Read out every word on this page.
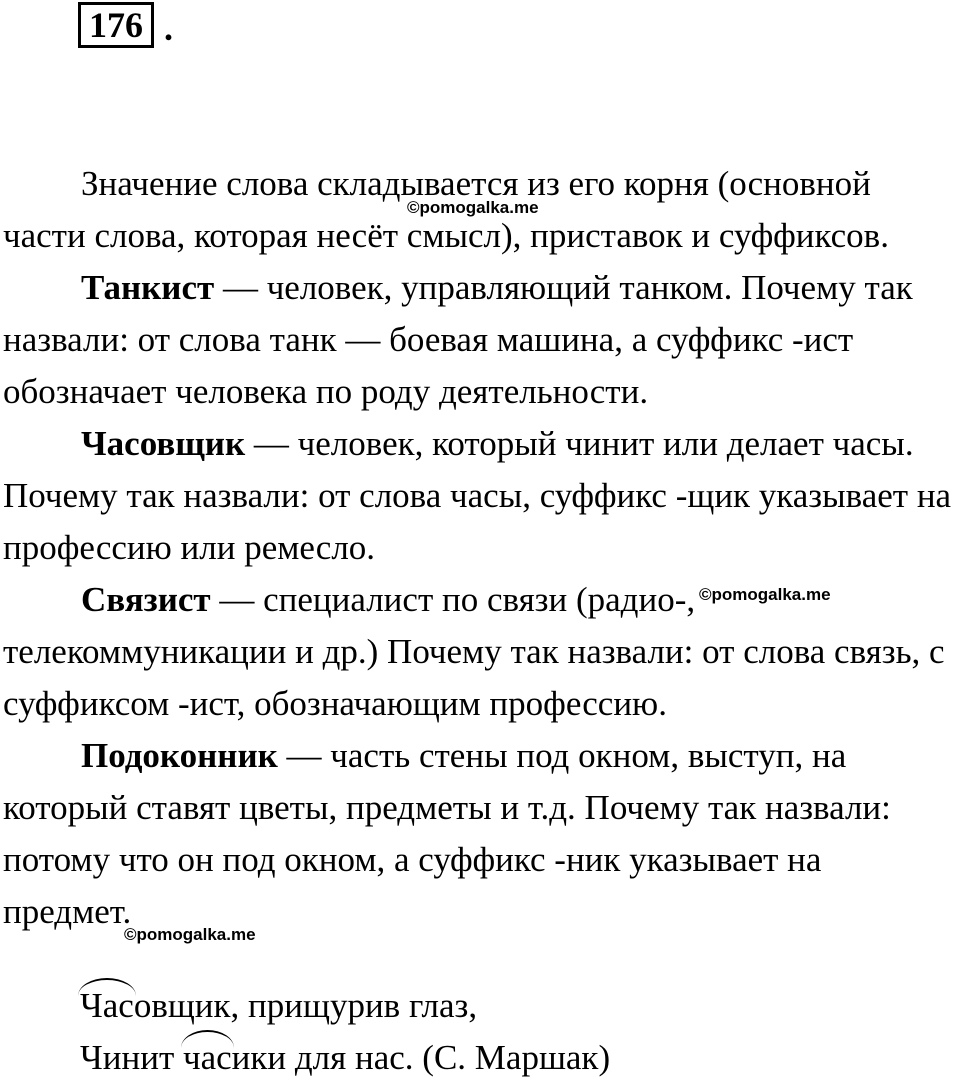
176 .

Значение слова складывается из его корня (основной части слова, которая несёт смысл), приставок и суффиксов.

Танкист — человек, управляющий танком. Почему так назвали: от слова танк — боевая машина, а суффикс -ист обозначает человека по роду деятельности.

Часовщик — человек, который чинит или делает часы. Почему так назвали: от слова часы, суффикс -щик указывает на профессию или ремесло.

Связист — специалист по связи (радио-, телекоммуникации и др.) Почему так назвали: от слова связь, с суффиксом -ист, обозначающим профессию.

Подоконник — часть стены под окном, выступ, на который ставят цветы, предметы и т.д. Почему так назвали: потому что он под окном, а суффикс -ник указывает на предмет.

Часовщик, прищурив глаз,
Чинит часики для нас. (С. Маршак)
©pomogalka.me
©pomogalka.me
©pomogalka.me
